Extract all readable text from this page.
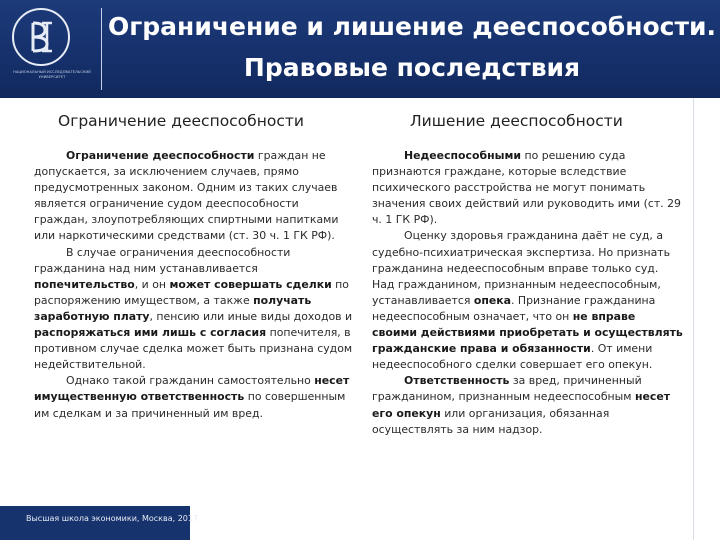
НАЦИОНАЛЬНЫЙ ИССЛЕДОВАТЕЛЬСКИЙ УНИВЕРСИТЕТ
Ограничение и лишение дееспособности.
Правовые последствия
Ограничение дееспособности	Лишение дееспособности

Ограничение дееспособности граждан не допускается, за исключением случаев, прямо предусмотренных законом. Одним из таких случаев является ограничение судом дееспособности граждан, злоупотребляющих спиртными напитками или наркотическими средствами (ст. 30 ч. 1 ГК РФ).

В случае ограничения дееспособности гражданина над ним устанавливается попечительство, и он может совершать сделки по распоряжению имуществом, а также получать заработную плату, пенсию или иные виды доходов и распоряжаться ими лишь с согласия попечителя, в противном случае сделка может быть признана судом недействительной.

Однако такой гражданин самостоятельно несет имущественную ответственность по совершенным им сделкам и за причиненный им вред.

Недееспособными по решению суда признаются граждане, которые вследствие психического расстройства не могут понимать значения своих действий или руководить ими (ст. 29 ч. 1 ГК РФ).

Оценку здоровья гражданина даёт не суд, а судебно-психиатрическая экспертиза. Но признать гражданина недееспособным вправе только суд. Над гражданином, признанным недееспособным, устанавливается опека. Признание гражданина недееспособным означает, что он не вправе своими действиями приобретать и осуществлять гражданские права и обязанности. От имени недееспособного сделки совершает его опекун.

Ответственность за вред, причиненный гражданином, признанным недееспособным несет его опекун или организация, обязанная осуществлять за ним надзор.

Высшая школа экономики, Москва, 2017
